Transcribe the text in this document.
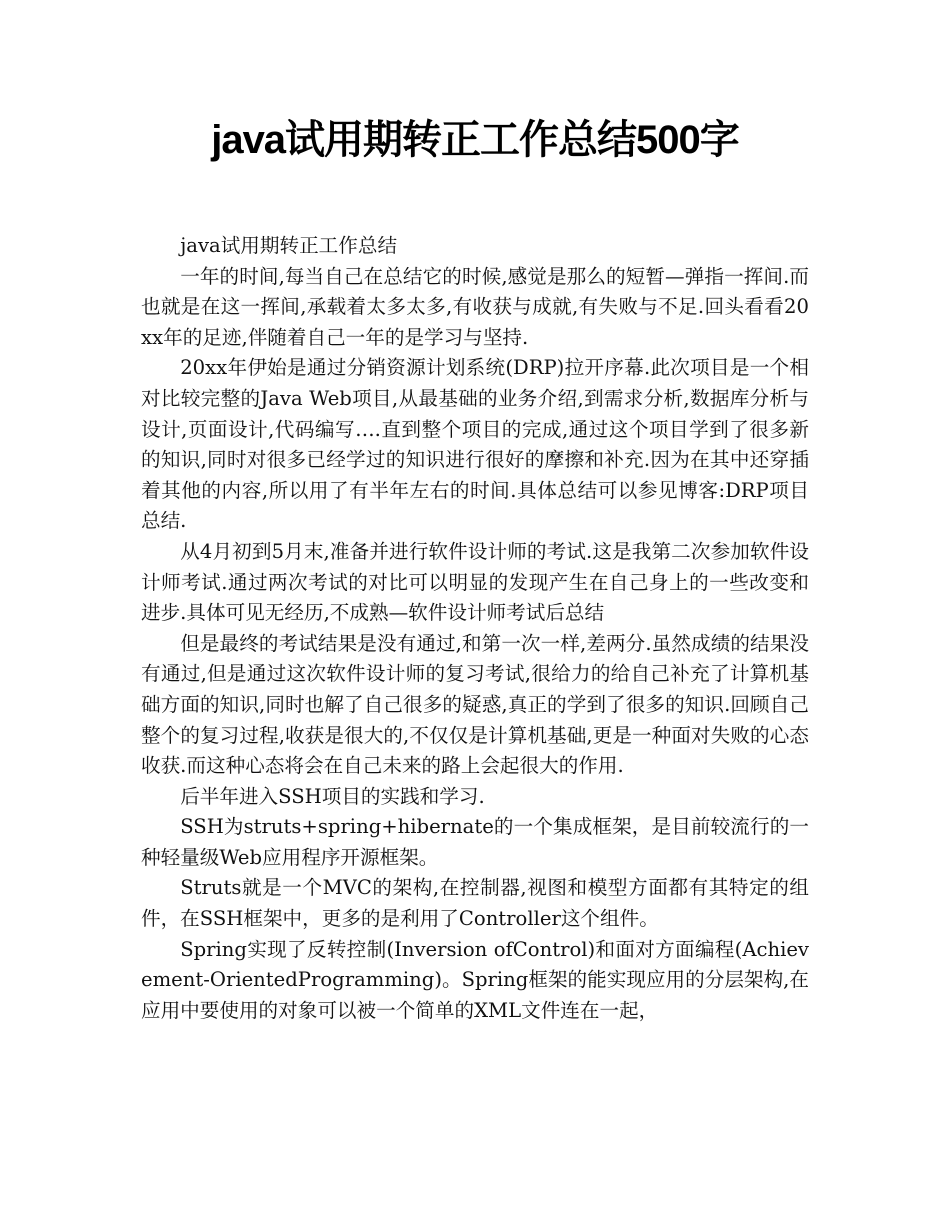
java试用期转正工作总结500字

java试用期转正工作总结

一年的时间,每当自己在总结它的时候,感觉是那么的短暂—弹指一挥间.而也就是在这一挥间,承载着太多太多,有收获与成就,有失败与不足.回头看看20xx年的足迹,伴随着自己一年的是学习与坚持.

20xx年伊始是通过分销资源计划系统(DRP)拉开序幕.此次项目是一个相对比较完整的Java Web项目,从最基础的业务介绍,到需求分析,数据库分析与设计,页面设计,代码编写….直到整个项目的完成,通过这个项目学到了很多新的知识,同时对很多已经学过的知识进行很好的摩擦和补充.因为在其中还穿插着其他的内容,所以用了有半年左右的时间.具体总结可以参见博客:DRP项目总结.

从4月初到5月末,准备并进行软件设计师的考试.这是我第二次参加软件设计师考试.通过两次考试的对比可以明显的发现产生在自己身上的一些改变和进步.具体可见无经历,不成熟—软件设计师考试后总结

但是最终的考试结果是没有通过,和第一次一样,差两分.虽然成绩的结果没有通过,但是通过这次软件设计师的复习考试,很给力的给自己补充了计算机基础方面的知识,同时也解了自己很多的疑惑,真正的学到了很多的知识.回顾自己整个的复习过程,收获是很大的,不仅仅是计算机基础,更是一种面对失败的心态收获.而这种心态将会在自己未来的路上会起很大的作用.

后半年进入SSH项目的实践和学习.

SSH为struts+spring+hibernate的一个集成框架，是目前较流行的一种轻量级Web应用程序开源框架。

Struts就是一个MVC的架构,在控制器,视图和模型方面都有其特定的组件，在SSH框架中，更多的是利用了Controller这个组件。

Spring实现了反转控制(Inversion ofControl)和面对方面编程(Achievement-OrientedProgramming)。Spring框架的能实现应用的分层架构,在应用中要使用的对象可以被一个简单的XML文件连在一起，
